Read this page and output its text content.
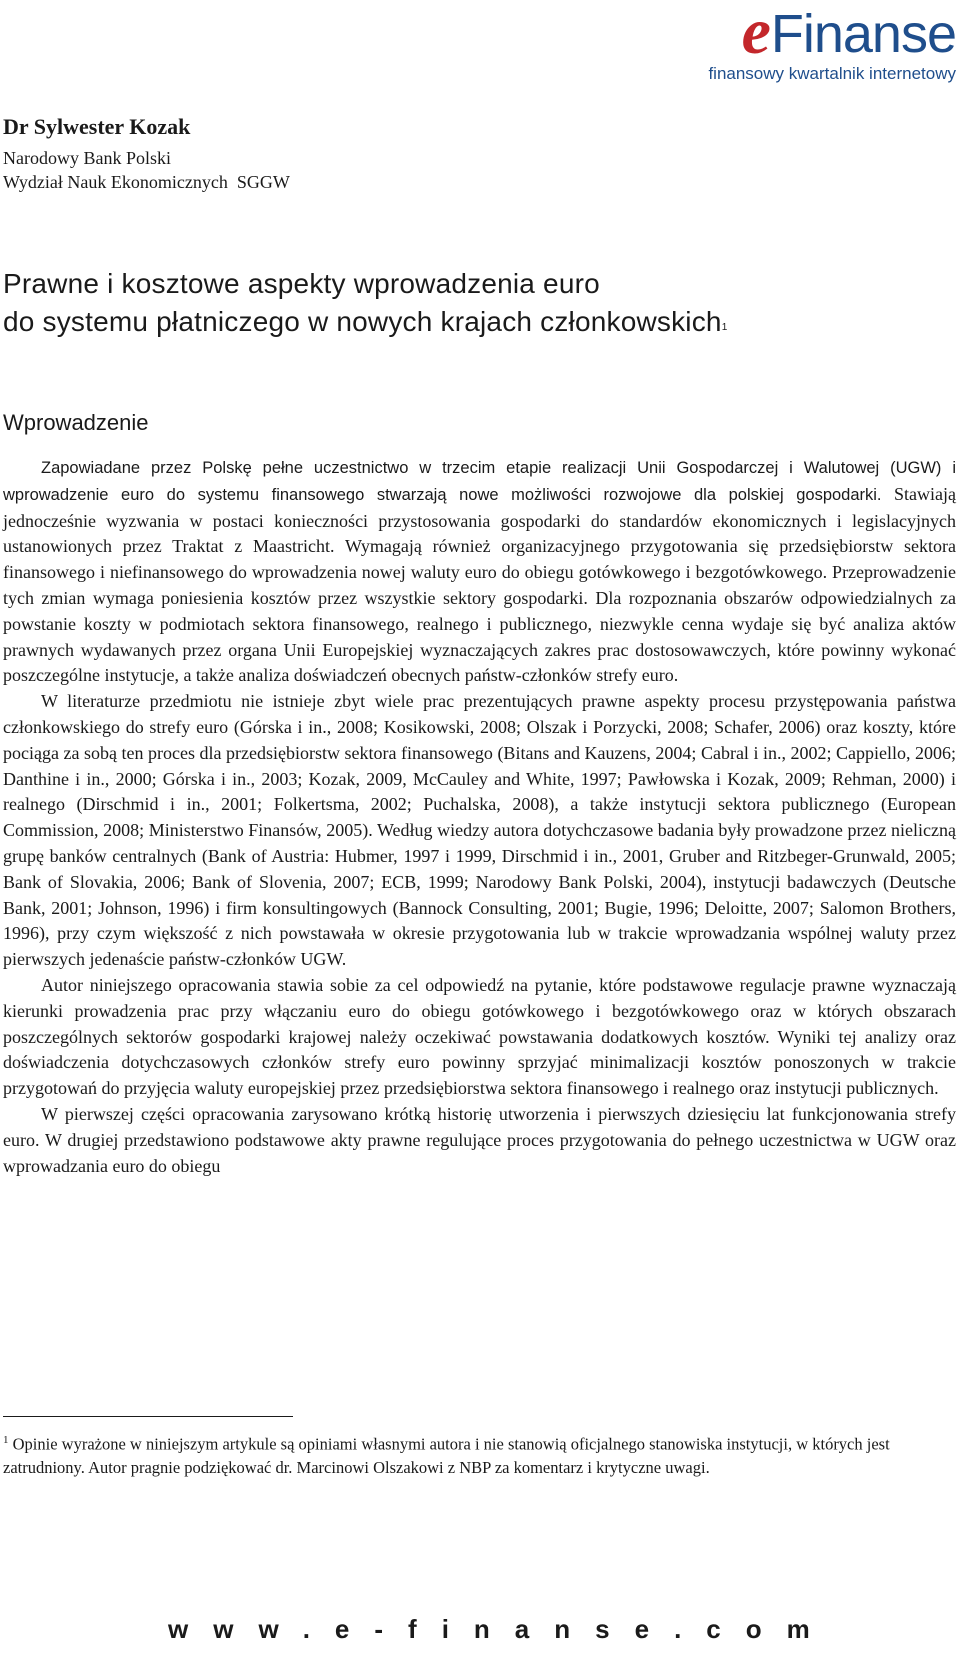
e Finanse
finansowy kwartalnik internetowy
Dr Sylwester Kozak
Narodowy Bank Polski
Wydział Nauk Ekonomicznych  SGGW
Prawne i kosztowe aspekty wprowadzenia euro
do systemu płatniczego w nowych krajach członkowskich$^1$
Wprowadzenie

Zapowiadane przez Polskę pełne uczestnictwo w trzecim etapie realizacji Unii Gospodarczej i Walutowej (UGW) i wprowadzenie euro do systemu finansowego stwarzają nowe możliwości rozwojowe dla polskiej gospodarki. Stawiają jednocześnie wyzwania w postaci konieczności przystosowania gospodarki do standardów ekonomicznych i legislacyjnych ustanowionych przez Traktat z Maastricht. Wymagają również organizacyjnego przygotowania się przedsiębiorstw sektora finansowego i niefinansowego do wprowadzenia nowej waluty euro do obiegu gotówkowego i bezgotówkowego. Przeprowadzenie tych zmian wymaga poniesienia kosztów przez wszystkie sektory gospodarki. Dla rozpoznania obszarów odpowiedzialnych za powstanie koszty w podmiotach sektora finansowego, realnego i publicznego, niezwykle cenna wydaje się być analiza aktów prawnych wydawanych przez organa Unii Europejskiej wyznaczających zakres prac dostosowawczych, które powinny wykonać poszczególne instytucje, a także analiza doświadczeń obecnych państw-członków strefy euro.

W literaturze przedmiotu nie istnieje zbyt wiele prac prezentujących prawne aspekty procesu przystępowania państwa członkowskiego do strefy euro (Górska i in., 2008; Kosikowski, 2008; Olszak i Porzycki, 2008; Schafer, 2006) oraz koszty, które pociąga za sobą ten proces dla przedsiębiorstw sektora finansowego (Bitans and Kauzens, 2004; Cabral i in., 2002; Cappiello, 2006; Danthine i in., 2000; Górska i in., 2003; Kozak, 2009, McCauley and White, 1997; Pawłowska i Kozak, 2009; Rehman, 2000) i realnego (Dirschmid i in., 2001; Folkertsma, 2002; Puchalska, 2008), a także instytucji sektora publicznego (European Commission, 2008; Ministerstwo Finansów, 2005). Według wiedzy autora dotychczasowe badania były prowadzone przez nieliczną grupę banków centralnych (Bank of Austria: Hubmer, 1997 i 1999, Dirschmid i in., 2001, Gruber and Ritzbeger-Grunwald, 2005; Bank of Slovakia, 2006; Bank of Slovenia, 2007; ECB, 1999; Narodowy Bank Polski, 2004), instytucji badawczych (Deutsche Bank, 2001; Johnson, 1996) i firm konsultingowych (Bannock Consulting, 2001; Bugie, 1996; Deloitte, 2007; Salomon Brothers, 1996), przy czym większość z nich powstawała w okresie przygotowania lub w trakcie wprowadzania wspólnej waluty przez pierwszych jedenaście państw-członków UGW.

Autor niniejszego opracowania stawia sobie za cel odpowiedź na pytanie, które podstawowe regulacje prawne wyznaczają kierunki prowadzenia prac przy włączaniu euro do obiegu gotówkowego i bezgotówkowego oraz w których obszarach poszczególnych sektorów gospodarki krajowej należy oczekiwać powstawania dodatkowych kosztów. Wyniki tej analizy oraz doświadczenia dotychczasowych członków strefy euro powinny sprzyjać minimalizacji kosztów ponoszonych w trakcie przygotowań do przyjęcia waluty europejskiej przez przedsiębiorstwa sektora finansowego i realnego oraz instytucji publicznych.

W pierwszej części opracowania zarysowano krótką historię utworzenia i pierwszych dziesięciu lat funkcjonowania strefy euro. W drugiej przedstawiono podstawowe akty prawne regulujące proces przygotowania do pełnego uczestnictwa w UGW oraz wprowadzania euro do obiegu

$^1$ Opinie wyrażone w niniejszym artykule są opiniami własnymi autora i nie stanowią oficjalnego stanowiska instytucji, w których jest zatrudniony. Autor pragnie podziękować dr. Marcinowi Olszakowi z NBP za komentarz i krytyczne uwagi.

www.e-finanse.com
